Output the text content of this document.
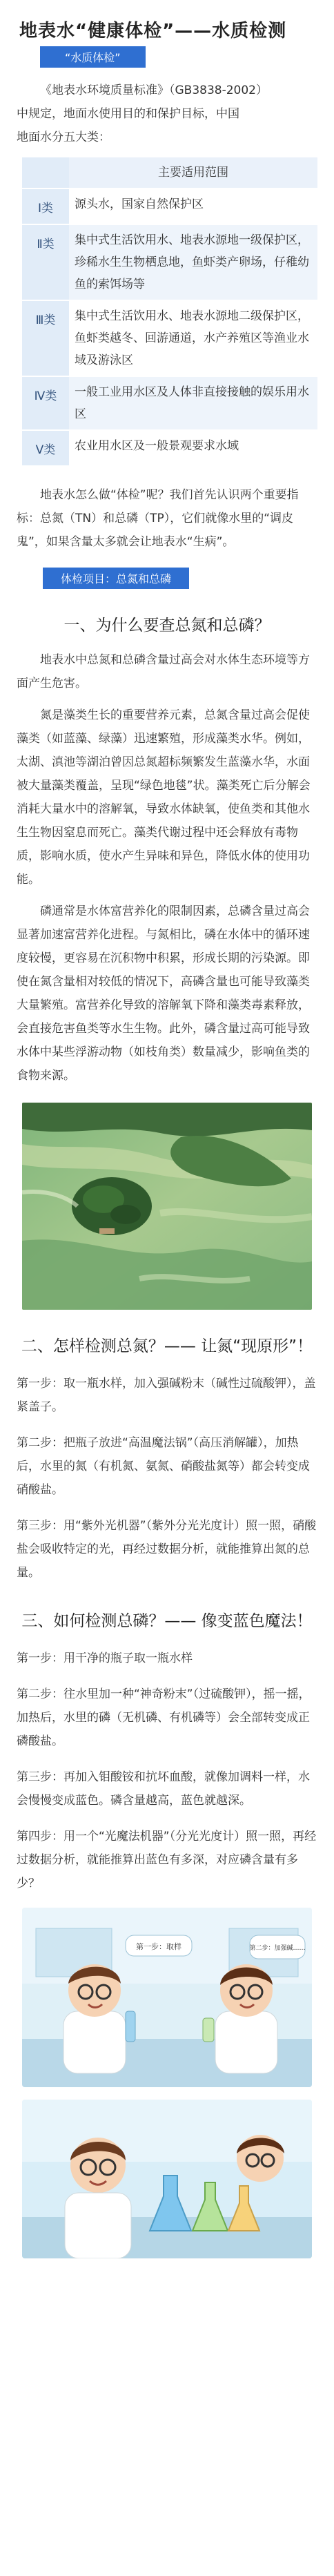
地表水“健康体检”——水质检测
“水质体检”

《地表水环境质量标准》（GB3838-2002）

中规定，地面水使用目的和保护目标，中国

地面水分五大类：

	主要适用范围
Ⅰ类	源头水，国家自然保护区
Ⅱ类	集中式生活饮用水、地表水源地一级保护区，珍稀水生生物栖息地，鱼虾类产卵场，仔稚幼鱼的索饵场等
Ⅲ类	集中式生活饮用水、地表水源地二级保护区，鱼虾类越冬、回游通道，水产养殖区等渔业水域及游泳区
Ⅳ类	一般工业用水区及人体非直接接触的娱乐用水区
Ⅴ类	农业用水区及一般景观要求水域

地表水怎么做“体检”呢？我们首先认识两个重要指标：总氮（TN）和总磷（TP），它们就像水里的“调皮鬼”，如果含量太多就会让地表水“生病”。

体检项目：总氮和总磷
一、为什么要查总氮和总磷？

地表水中总氮和总磷含量过高会对水体生态环境等方面产生危害。

氮是藻类生长的重要营养元素，总氮含量过高会促使藻类（如蓝藻、绿藻）迅速繁殖，形成藻类水华。例如，太湖、滇池等湖泊曾因总氮超标频繁发生蓝藻水华，水面被大量藻类覆盖，呈现“绿色地毯”状。藻类死亡后分解会消耗大量水中的溶解氧，导致水体缺氧，使鱼类和其他水生生物因窒息而死亡。藻类代谢过程中还会释放有毒物质，影响水质，使水产生异味和异色，降低水体的使用功能。

磷通常是水体富营养化的限制因素，总磷含量过高会显著加速富营养化进程。与氮相比，磷在水体中的循环速度较慢，更容易在沉积物中积累，形成长期的污染源。即使在氮含量相对较低的情况下，高磷含量也可能导致藻类大量繁殖。富营养化导致的溶解氧下降和藻类毒素释放，会直接危害鱼类等水生生物。此外，磷含量过高可能导致水体中某些浮游动物（如枝角类）数量减少，影响鱼类的食物来源。

二、怎样检测总氮？—— 让氮“现原形”！

第一步：取一瓶水样，加入强碱粉末（碱性过硫酸钾），盖紧盖子。

第二步：把瓶子放进“高温魔法锅”（高压消解罐），加热后，水里的氮（有机氮、氨氮、硝酸盐氮等）都会转变成硝酸盐。

第三步：用“紫外光机器”（紫外分光光度计）照一照，硝酸盐会吸收特定的光，再经过数据分析，就能推算出氮的总量。

三、如何检测总磷？—— 像变蓝色魔法！

第一步：用干净的瓶子取一瓶水样

第二步：往水里加一种“神奇粉末”（过硫酸钾），摇一摇，加热后，水里的磷（无机磷、有机磷等）会全部转变成正磷酸盐。

第三步：再加入钼酸铵和抗坏血酸，就像加调料一样，水会慢慢变成蓝色。磷含量越高，蓝色就越深。

第四步：用一个“光魔法机器”（分光光度计）照一照，再经过数据分析，就能推算出蓝色有多深，对应磷含量有多少？

第一步：取样	第二步：加强碱……
